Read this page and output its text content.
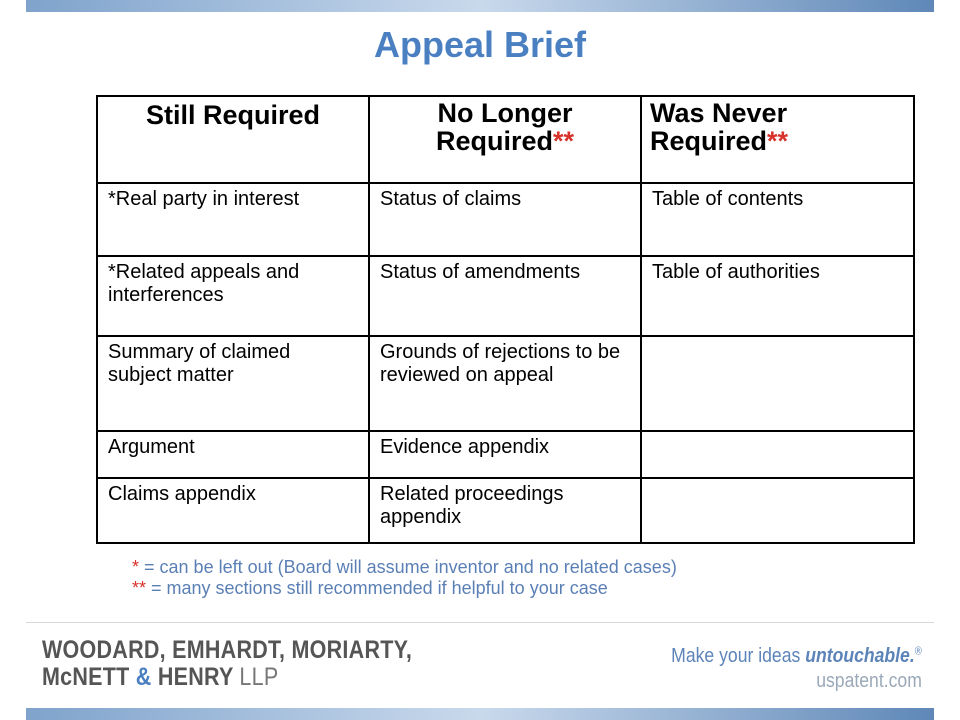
Appeal Brief
Still Required	No Longer Required**	Was Never Required**
*Real party in interest	Status of claims	Table of contents
*Related appeals and interferences	Status of amendments	Table of authorities
Summary of claimed subject matter	Grounds of rejections to be reviewed on appeal	
Argument	Evidence appendix	
Claims appendix	Related proceedings appendix	
* = can be left out (Board will assume inventor and no related cases)
** = many sections still recommended if helpful to your case
WOODARD, EMHARDT, MORIARTY,
McNETT & HENRY LLP
Make your ideas untouchable.®
uspatent.com
